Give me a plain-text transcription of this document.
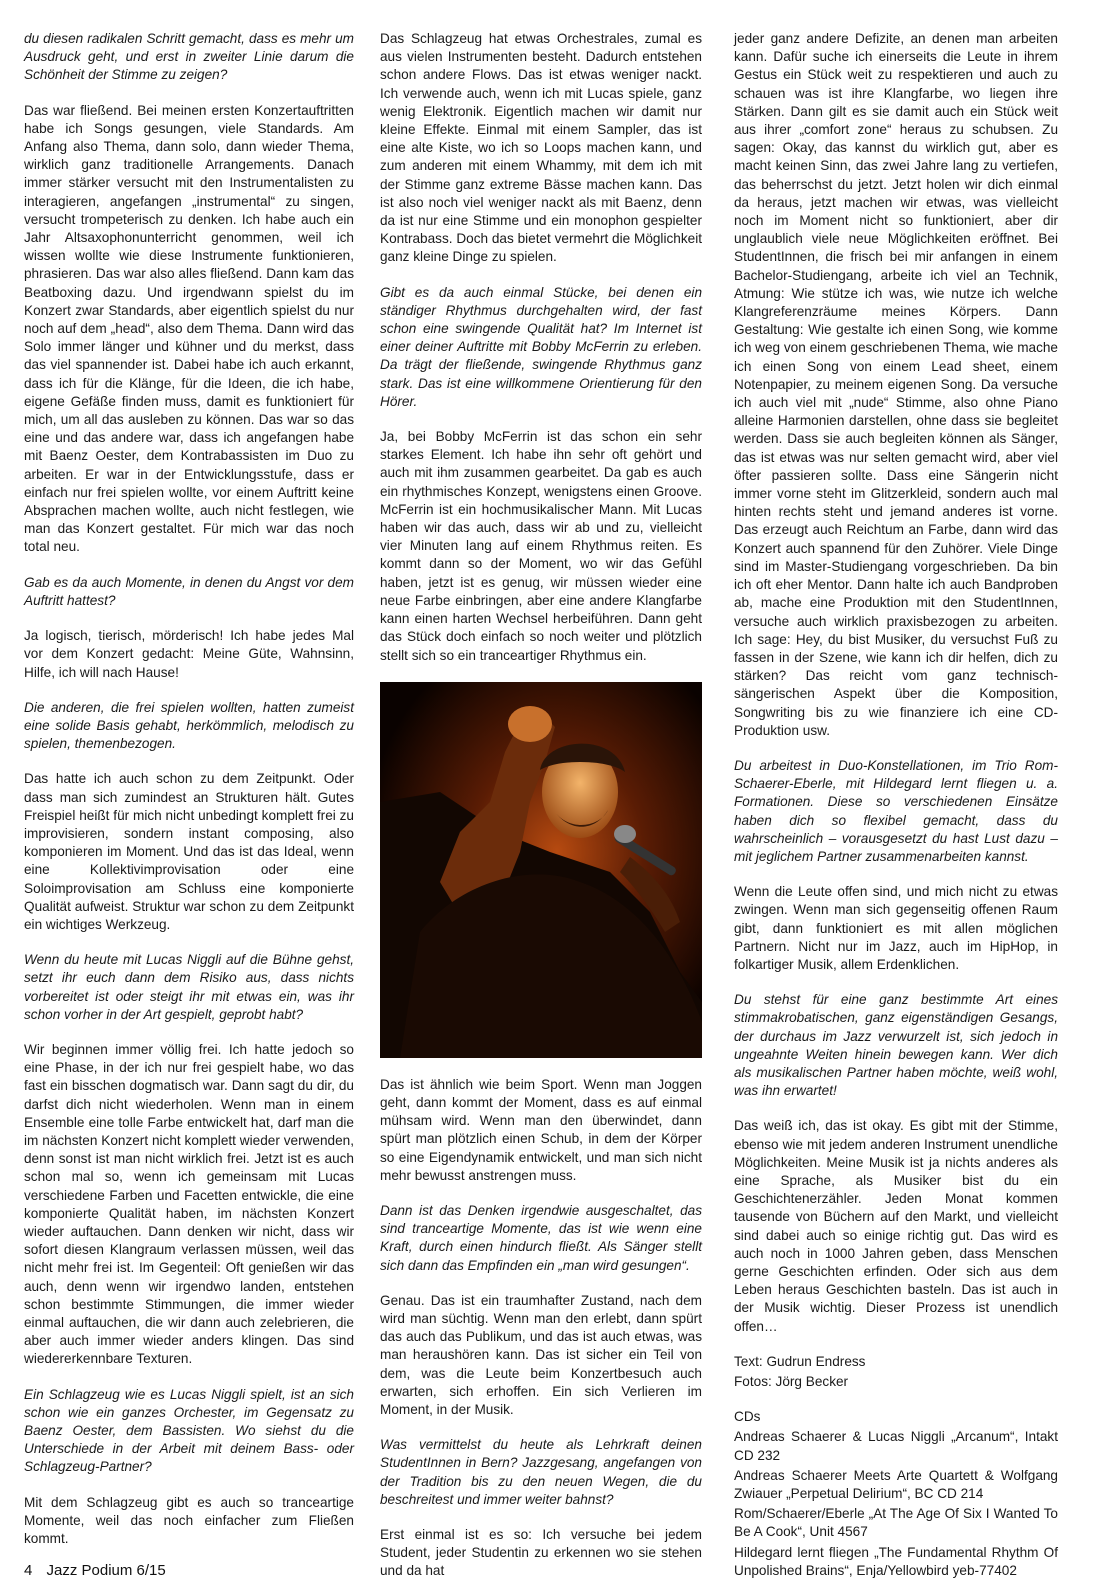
du diesen radikalen Schritt gemacht, dass es mehr um Ausdruck geht, und erst in zweiter Linie darum die Schönheit der Stimme zu zeigen?

Das war fließend. Bei meinen ersten Konzertauftritten habe ich Songs gesungen, viele Standards. Am Anfang also Thema, dann solo, dann wieder Thema, wirklich ganz traditionelle Arrangements. Danach immer stärker versucht mit den Instrumentalisten zu interagieren, angefangen „instrumental“ zu singen, versucht trompeterisch zu denken. Ich habe auch ein Jahr Altsaxophonunterricht genommen, weil ich wissen wollte wie diese Instrumente funktionieren, phrasieren. Das war also alles fließend. Dann kam das Beatboxing dazu. Und irgendwann spielst du im Konzert zwar Standards, aber eigentlich spielst du nur noch auf dem „head“, also dem Thema. Dann wird das Solo immer länger und kühner und du merkst, dass das viel spannender ist. Dabei habe ich auch erkannt, dass ich für die Klänge, für die Ideen, die ich habe, eigene Gefäße finden muss, damit es funktioniert für mich, um all das ausleben zu können. Das war so das eine und das andere war, dass ich angefangen habe mit Baenz Oester, dem Kontrabassisten im Duo zu arbeiten. Er war in der Entwicklungsstufe, dass er einfach nur frei spielen wollte, vor einem Auftritt keine Absprachen machen wollte, auch nicht festlegen, wie man das Konzert gestaltet. Für mich war das noch total neu.

Gab es da auch Momente, in denen du Angst vor dem Auftritt hattest?

Ja logisch, tierisch, mörderisch! Ich habe jedes Mal vor dem Konzert gedacht: Meine Güte, Wahnsinn, Hilfe, ich will nach Hause!

Die anderen, die frei spielen wollten, hatten zumeist eine solide Basis gehabt, herkömmlich, melodisch zu spielen, themenbezogen.

Das hatte ich auch schon zu dem Zeitpunkt. Oder dass man sich zumindest an Strukturen hält. Gutes Freispiel heißt für mich nicht unbedingt komplett frei zu improvisieren, sondern instant composing, also komponieren im Moment. Und das ist das Ideal, wenn eine Kollektivimprovisation oder eine Soloimprovisation am Schluss eine komponierte Qualität aufweist. Struktur war schon zu dem Zeitpunkt ein wichtiges Werkzeug.

Wenn du heute mit Lucas Niggli auf die Bühne gehst, setzt ihr euch dann dem Risiko aus, dass nichts vorbereitet ist oder steigt ihr mit etwas ein, was ihr schon vorher in der Art gespielt, geprobt habt?

Wir beginnen immer völlig frei. Ich hatte jedoch so eine Phase, in der ich nur frei gespielt habe, wo das fast ein bisschen dogmatisch war. Dann sagt du dir, du darfst dich nicht wiederholen. Wenn man in einem Ensemble eine tolle Farbe entwickelt hat, darf man die im nächsten Konzert nicht komplett wieder verwenden, denn sonst ist man nicht wirklich frei. Jetzt ist es auch schon mal so, wenn ich gemeinsam mit Lucas verschiedene Farben und Facetten entwickle, die eine komponierte Qualität haben, im nächsten Konzert wieder auftauchen. Dann denken wir nicht, dass wir sofort diesen Klangraum verlassen müssen, weil das nicht mehr frei ist. Im Gegenteil: Oft genießen wir das auch, denn wenn wir irgendwo landen, entstehen schon bestimmte Stimmungen, die immer wieder einmal auftauchen, die wir dann auch zelebrieren, die aber auch immer wieder anders klingen. Das sind wiedererkennbare Texturen.

Ein Schlagzeug wie es Lucas Niggli spielt, ist an sich schon wie ein ganzes Orchester, im Gegensatz zu Baenz Oester, dem Bassisten. Wo siehst du die Unterschiede in der Arbeit mit deinem Bass- oder Schlagzeug-Partner?

Mit dem Schlagzeug gibt es auch so tranceartige Momente, weil das noch einfacher zum Fließen kommt.

Das Schlagzeug hat etwas Orchestrales, zumal es aus vielen Instrumenten besteht. Dadurch entstehen schon andere Flows. Das ist etwas weniger nackt. Ich verwende auch, wenn ich mit Lucas spiele, ganz wenig Elektronik. Eigentlich machen wir damit nur kleine Effekte. Einmal mit einem Sampler, das ist eine alte Kiste, wo ich so Loops machen kann, und zum anderen mit einem Whammy, mit dem ich mit der Stimme ganz extreme Bässe machen kann. Das ist also noch viel weniger nackt als mit Baenz, denn da ist nur eine Stimme und ein monophon gespielter Kontrabass. Doch das bietet vermehrt die Möglichkeit ganz kleine Dinge zu spielen.

Gibt es da auch einmal Stücke, bei denen ein ständiger Rhythmus durchgehalten wird, der fast schon eine swingende Qualität hat? Im Internet ist einer deiner Auftritte mit Bobby McFerrin zu erleben. Da trägt der fließende, swingende Rhythmus ganz stark. Das ist eine willkommene Orientierung für den Hörer.

Ja, bei Bobby McFerrin ist das schon ein sehr starkes Element. Ich habe ihn sehr oft gehört und auch mit ihm zusammen gearbeitet. Da gab es auch ein rhythmisches Konzept, wenigstens einen Groove. McFerrin ist ein hochmusikalischer Mann. Mit Lucas haben wir das auch, dass wir ab und zu, vielleicht vier Minuten lang auf einem Rhythmus reiten. Es kommt dann so der Moment, wo wir das Gefühl haben, jetzt ist es genug, wir müssen wieder eine neue Farbe einbringen, aber eine andere Klangfarbe kann einen harten Wechsel herbeiführen. Dann geht das Stück doch einfach so noch weiter und plötzlich stellt sich so ein tranceartiger Rhythmus ein.

Das ist ähnlich wie beim Sport. Wenn man Joggen geht, dann kommt der Moment, dass es auf einmal mühsam wird. Wenn man den überwindet, dann spürt man plötzlich einen Schub, in dem der Körper so eine Eigendynamik entwickelt, und man sich nicht mehr bewusst anstrengen muss.

Dann ist das Denken irgendwie ausgeschaltet, das sind tranceartige Momente, das ist wie wenn eine Kraft, durch einen hindurch fließt. Als Sänger stellt sich dann das Empfinden ein „man wird gesungen“.

Genau. Das ist ein traumhafter Zustand, nach dem wird man süchtig. Wenn man den erlebt, dann spürt das auch das Publikum, und das ist auch etwas, was man heraushören kann. Das ist sicher ein Teil von dem, was die Leute beim Konzertbesuch auch erwarten, sich erhoffen. Ein sich Verlieren im Moment, in der Musik.

Was vermittelst du heute als Lehrkraft deinen StudentInnen in Bern? Jazzgesang, angefangen von der Tradition bis zu den neuen Wegen, die du beschreitest und immer weiter bahnst?

Erst einmal ist es so: Ich versuche bei jedem Student, jeder Studentin zu erkennen wo sie stehen und da hat

jeder ganz andere Defizite, an denen man arbeiten kann. Dafür suche ich einerseits die Leute in ihrem Gestus ein Stück weit zu respektieren und auch zu schauen was ist ihre Klangfarbe, wo liegen ihre Stärken. Dann gilt es sie damit auch ein Stück weit aus ihrer „comfort zone“ heraus zu schubsen. Zu sagen: Okay, das kannst du wirklich gut, aber es macht keinen Sinn, das zwei Jahre lang zu vertiefen, das beherrschst du jetzt. Jetzt holen wir dich einmal da heraus, jetzt machen wir etwas, was vielleicht noch im Moment nicht so funktioniert, aber dir unglaublich viele neue Möglichkeiten eröffnet. Bei StudentInnen, die frisch bei mir anfangen in einem Bachelor-Studiengang, arbeite ich viel an Technik, Atmung: Wie stütze ich was, wie nutze ich welche Klangreferenzräume meines Körpers. Dann Gestaltung: Wie gestalte ich einen Song, wie komme ich weg von einem geschriebenen Thema, wie mache ich einen Song von einem Lead sheet, einem Notenpapier, zu meinem eigenen Song. Da versuche ich auch viel mit „nude“ Stimme, also ohne Piano alleine Harmonien darstellen, ohne dass sie begleitet werden. Dass sie auch begleiten können als Sänger, das ist etwas was nur selten gemacht wird, aber viel öfter passieren sollte. Dass eine Sängerin nicht immer vorne steht im Glitzerkleid, sondern auch mal hinten rechts steht und jemand anderes ist vorne. Das erzeugt auch Reichtum an Farbe, dann wird das Konzert auch spannend für den Zuhörer. Viele Dinge sind im Master-Studiengang vorgeschrieben. Da bin ich oft eher Mentor. Dann halte ich auch Bandproben ab, mache eine Produktion mit den StudentInnen, versuche auch wirklich praxisbezogen zu arbeiten. Ich sage: Hey, du bist Musiker, du versuchst Fuß zu fassen in der Szene, wie kann ich dir helfen, dich zu stärken? Das reicht vom ganz technisch-sängerischen Aspekt über die Komposition, Songwriting bis zu wie finanziere ich eine CD-Produktion usw.

Du arbeitest in Duo-Konstellationen, im Trio Rom-Schaerer-Eberle, mit Hildegard lernt fliegen u. a. Formationen. Diese so verschiedenen Einsätze haben dich so flexibel gemacht, dass du wahrscheinlich – vorausgesetzt du hast Lust dazu – mit jeglichem Partner zusammenarbeiten kannst.

Wenn die Leute offen sind, und mich nicht zu etwas zwingen. Wenn man sich gegenseitig offenen Raum gibt, dann funktioniert es mit allen möglichen Partnern. Nicht nur im Jazz, auch im HipHop, in folkartiger Musik, allem Erdenklichen.

Du stehst für eine ganz bestimmte Art eines stimmakrobatischen, ganz eigenständigen Gesangs, der durchaus im Jazz verwurzelt ist, sich jedoch in ungeahnte Weiten hinein bewegen kann. Wer dich als musikalischen Partner haben möchte, weiß wohl, was ihn erwartet!

Das weiß ich, das ist okay. Es gibt mit der Stimme, ebenso wie mit jedem anderen Instrument unendliche Möglichkeiten. Meine Musik ist ja nichts anderes als eine Sprache, als Musiker bist du ein Geschichtenerzähler. Jeden Monat kommen tausende von Büchern auf den Markt, und vielleicht sind dabei auch so einige richtig gut. Das wird es auch noch in 1000 Jahren geben, dass Menschen gerne Geschichten erfinden. Oder sich aus dem Leben heraus Geschichten basteln. Das ist auch in der Musik wichtig. Dieser Prozess ist unendlich offen…

Text: Gudrun Endress

Fotos: Jörg Becker

CDs

Andreas Schaerer & Lucas Niggli „Arcanum“, Intakt CD 232

Andreas Schaerer Meets Arte Quartett & Wolfgang Zwiauer „Perpetual Delirium“, BC CD 214

Rom/Schaerer/Eberle „At The Age Of Six I Wanted To Be A Cook“, Unit 4567

Hildegard lernt fliegen „The Fundamental Rhythm Of Unpolished Brains“, Enja/Yellowbird yeb-77402

4 Jazz Podium 6/15
